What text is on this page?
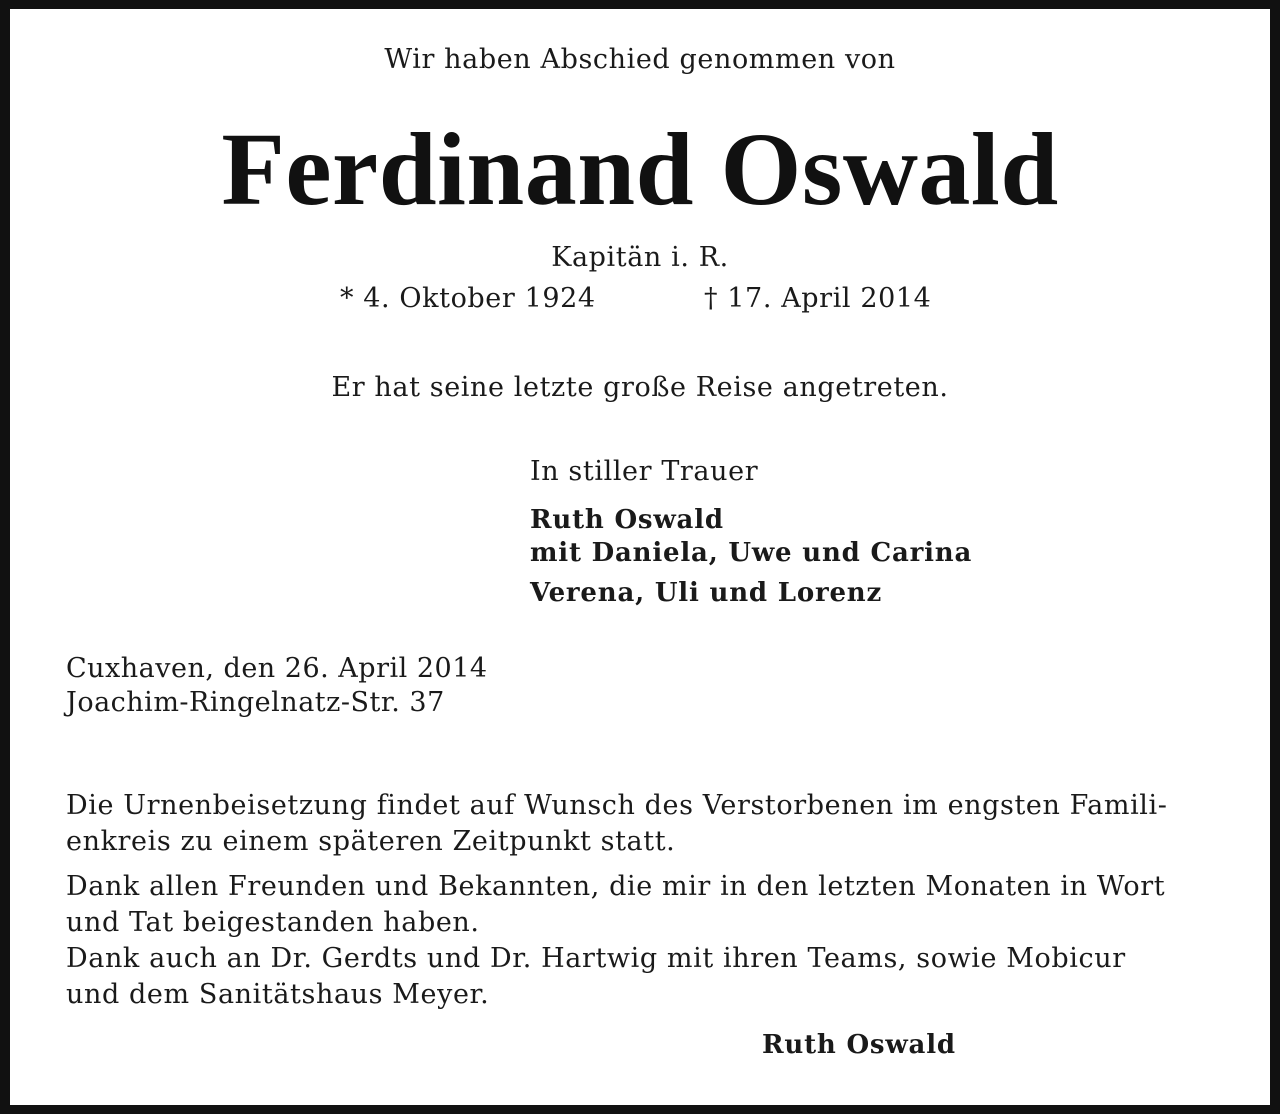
Wir haben Abschied genommen von

Ferdinand Oswald

Kapitän i. R.

* 4. Oktober 1924	† 17. April 2014

Er hat seine letzte große Reise angetreten.

In stiller Trauer
Ruth Oswald
mit Daniela, Uwe und Carina
Verena, Uli und Lorenz
Cuxhaven, den 26. April 2014
Joachim-Ringelnatz-Str. 37
Die Urnenbeisetzung findet auf Wunsch des Verstorbenen im engsten Famili-
enkreis zu einem späteren Zeitpunkt statt.
Dank allen Freunden und Bekannten, die mir in den letzten Monaten in Wort
und Tat beigestanden haben.
Dank auch an Dr. Gerdts und Dr. Hartwig mit ihren Teams, sowie Mobicur
und dem Sanitätshaus Meyer.
Ruth Oswald
